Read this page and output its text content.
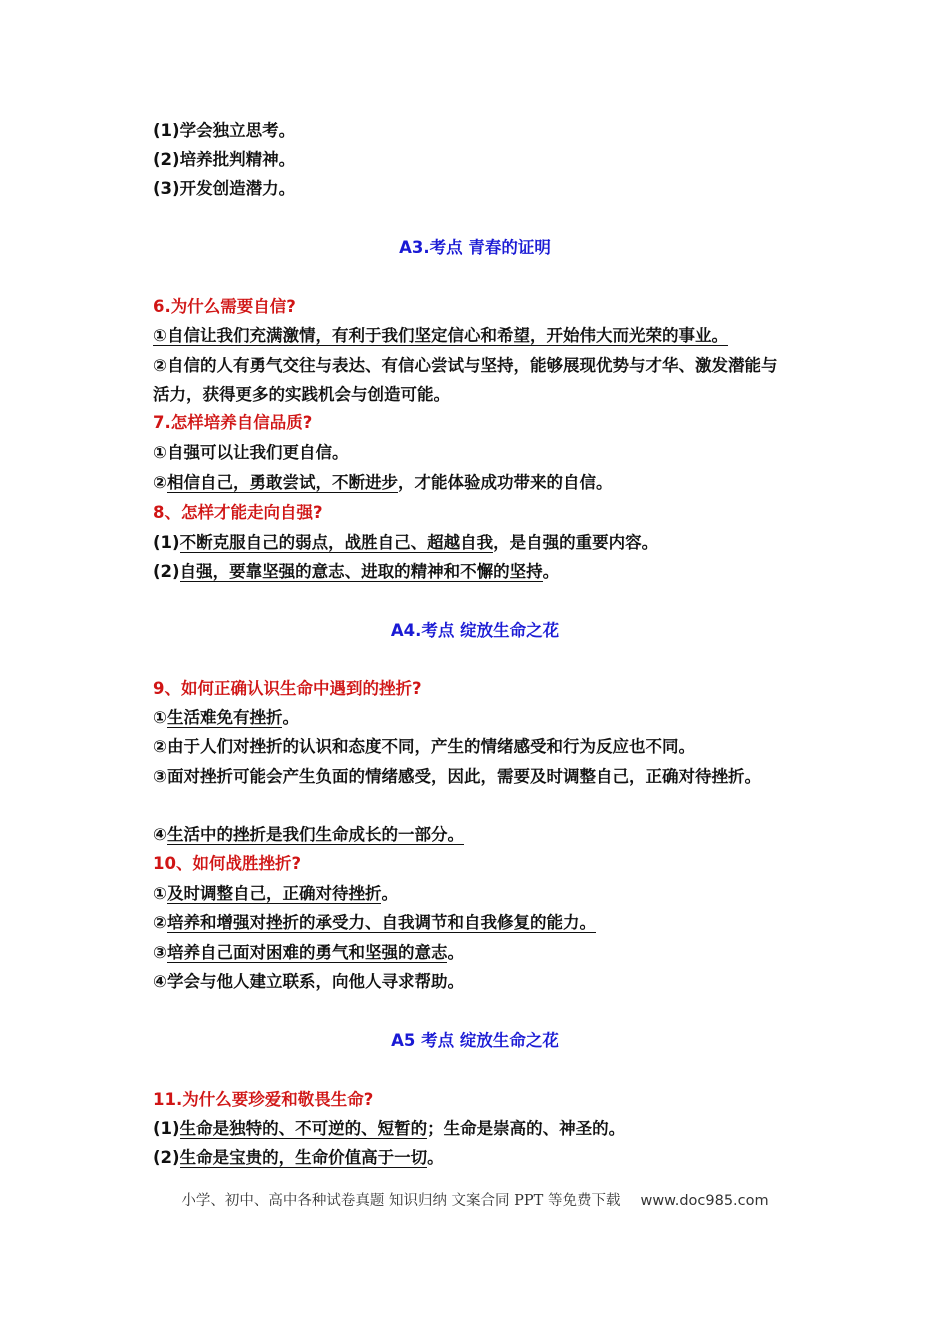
(1)学会独立思考。
(2)培养批判精神。
(3)开发创造潜力。
A3.考点 青春的证明
6.为什么需要自信?
①自信让我们充满激情，有利于我们坚定信心和希望，开始伟大而光荣的事业。
②自信的人有勇气交往与表达、有信心尝试与坚持，能够展现优势与才华、激发潜能与活力，获得更多的实践机会与创造可能。
7.怎样培养自信品质?
①自强可以让我们更自信。
②相信自己，勇敢尝试，不断进步，才能体验成功带来的自信。
8、怎样才能走向自强?
(1)不断克服自己的弱点，战胜自己、超越自我，是自强的重要内容。
(2)自强，要靠坚强的意志、进取的精神和不懈的坚持。
A4.考点 绽放生命之花
9、如何正确认识生命中遇到的挫折?
①生活难免有挫折。
②由于人们对挫折的认识和态度不同，产生的情绪感受和行为反应也不同。
③面对挫折可能会产生负面的情绪感受，因此，需要及时调整自己，正确对待挫折。
④生活中的挫折是我们生命成长的一部分。
10、如何战胜挫折?
①及时调整自己，正确对待挫折。
②培养和增强对挫折的承受力、自我调节和自我修复的能力。
③培养自己面对困难的勇气和坚强的意志。
④学会与他人建立联系，向他人寻求帮助。
A5 考点 绽放生命之花
11.为什么要珍爱和敬畏生命?
(1)生命是独特的、不可逆的、短暂的；生命是崇高的、神圣的。
(2)生命是宝贵的，生命价值高于一切。
小学、初中、高中各种试卷真题 知识归纳 文案合同 PPT 等免费下载 www.doc985.com
